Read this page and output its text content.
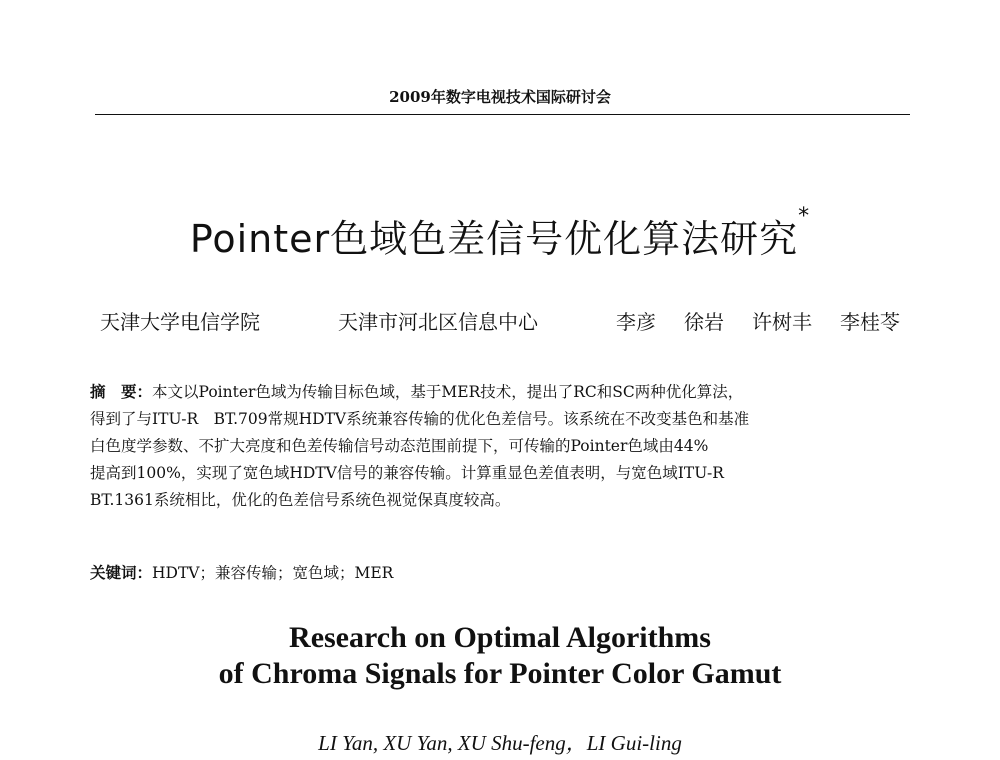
2009年数字电视技术国际研讨会
Pointer色域色差信号优化算法研究*
天津大学电信学院	天津市河北区信息中心	李彦 徐岩 许树丰 李桂苓
摘　要：本文以Pointer色域为传输目标色域，基于MER技术，提出了RC和SC两种优化算法，
得到了与ITU-R　BT.709常规HDTV系统兼容传输的优化色差信号。该系统在不改变基色和基准
白色度学参数、不扩大亮度和色差传输信号动态范围前提下，可传输的Pointer色域由44%
提高到100%，实现了宽色域HDTV信号的兼容传输。计算重显色差值表明，与宽色域ITU-R
BT.1361系统相比，优化的色差信号系统色视觉保真度较高。
关键词：HDTV；兼容传输；宽色域；MER
Research on Optimal Algorithms
of Chroma Signals for Pointer Color Gamut
LI Yan, XU Yan, XU Shu-feng，LI Gui-ling
